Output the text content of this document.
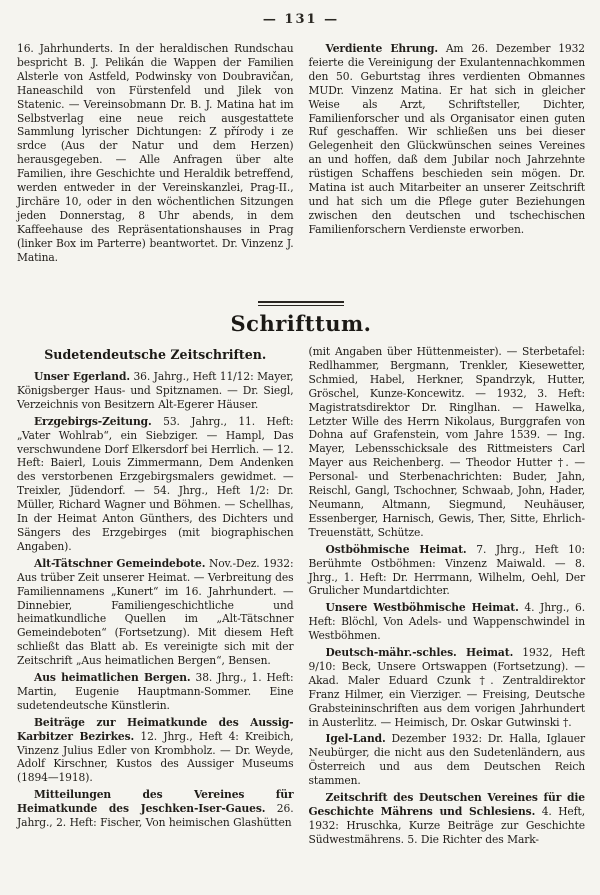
— 131 —

16. Jahrhunderts. In der heraldischen Rundschau bespricht B. J. Pelikán die Wappen der Familien Alsterle von Astfeld, Podwinsky von Doubravičan, Haneaschild von Fürstenfeld und Jilek von Statenic. — Vereinsobmann Dr. B. J. Matina hat im Selbstverlag eine neue reich ausgestattete Sammlung lyrischer Dichtungen: Z přírody i ze srdce (Aus der Natur und dem Herzen) herausgegeben. — Alle Anfragen über alte Familien, ihre Geschichte und Heraldik betreffend, werden entweder in der Vereinskanzlei, Prag-II., Jirchäre 10, oder in den wöchentlichen Sitzungen jeden Donnerstag, 8 Uhr abends, in dem Kaffeehause des Repräsentationshauses in Prag (linker Box im Parterre) beantwortet. Dr. Vinzenz J. Matina.

Verdiente Ehrung. Am 26. Dezember 1932 feierte die Vereinigung der Exulantennachkommen den 50. Geburtstag ihres verdienten Obmannes MUDr. Vinzenz Matina. Er hat sich in gleicher Weise als Arzt, Schriftsteller, Dichter, Familienforscher und als Organisator einen guten Ruf geschaffen. Wir schließen uns bei dieser Gelegenheit den Glückwünschen seines Vereines an und hoffen, daß dem Jubilar noch Jahrzehnte rüstigen Schaffens beschieden sein mögen. Dr. Matina ist auch Mitarbeiter an unserer Zeitschrift und hat sich um die Pflege guter Beziehungen zwischen den deutschen und tschechischen Familienforschern Verdienste erworben.

Schrifttum.
Sudetendeutsche Zeitschriften.

Unser Egerland. 36. Jahrg., Heft 11/12: Mayer, Königsberger Haus- und Spitznamen. — Dr. Siegl, Verzeichnis von Besitzern Alt-Egerer Häuser.

Erzgebirgs-Zeitung. 53. Jahrg., 11. Heft: „Vater Wohlrab“, ein Siebziger. — Hampl, Das verschwundene Dorf Elkersdorf bei Herrlich. — 12. Heft: Baierl, Louis Zimmermann, Dem Andenken des verstorbenen Erzgebirgsmalers gewidmet. — Treixler, Jüdendorf. — 54. Jhrg., Heft 1/2: Dr. Müller, Richard Wagner und Böhmen. — Schellhas, In der Heimat Anton Günthers, des Dichters und Sängers des Erzgebirges (mit biographischen Angaben).

Alt-Tätschner Gemeindebote. Nov.-Dez. 1932: Aus trüber Zeit unserer Heimat. — Verbreitung des Familiennamens „Kunert“ im 16. Jahrhundert. — Dinnebier, Familiengeschichtliche und heimatkundliche Quellen im „Alt-Tätschner Gemeindeboten“ (Fortsetzung). Mit diesem Heft schließt das Blatt ab. Es vereinigte sich mit der Zeitschrift „Aus heimatlichen Bergen“, Bensen.

Aus heimatlichen Bergen. 38. Jhrg., 1. Heft: Martin, Eugenie Hauptmann-Sommer. Eine sudetendeutsche Künstlerin.

Beiträge zur Heimatkunde des Aussig-Karbitzer Bezirkes. 12. Jhrg., Heft 4: Kreibich, Vinzenz Julius Edler von Krombholz. — Dr. Weyde, Adolf Kirschner, Kustos des Aussiger Museums (1894—1918).

Mitteilungen des Vereines für Heimatkunde des Jeschken-Iser-Gaues. 26. Jahrg., 2. Heft: Fischer, Von heimischen Glashütten

(mit Angaben über Hüttenmeister). — Sterbetafel: Redlhammer, Bergmann, Trenkler, Kiesewetter, Schmied, Habel, Herkner, Spandrzyk, Hutter, Gröschel, Kunze-Koncewitz. — 1932, 3. Heft: Magistratsdirektor Dr. Ringlhan. — Hawelka, Letzter Wille des Herrn Nikolaus, Burggrafen von Dohna auf Grafenstein, vom Jahre 1539. — Ing. Mayer, Lebensschicksale des Rittmeisters Carl Mayer aus Reichenberg. — Theodor Hutter †. — Personal- und Sterbenachrichten: Buder, Jahn, Reischl, Gangl, Tschochner, Schwaab, John, Hader, Neumann, Altmann, Siegmund, Neuhäuser, Essenberger, Harnisch, Gewis, Ther, Sitte, Ehrlich-Treuenstätt, Schütze.

Ostböhmische Heimat. 7. Jhrg., Heft 10: Berühmte Ostböhmen: Vinzenz Maiwald. — 8. Jhrg., 1. Heft: Dr. Herrmann, Wilhelm, Oehl, Der Grulicher Mundartdichter.

Unsere Westböhmische Heimat. 4. Jhrg., 6. Heft: Blöchl, Von Adels- und Wappenschwindel in Westböhmen.

Deutsch-mähr.-schles. Heimat. 1932, Heft 9/10: Beck, Unsere Ortswappen (Fortsetzung). — Akad. Maler Eduard Czunk †. Zentraldirektor Franz Hilmer, ein Vierziger. — Freising, Deutsche Grabsteininschriften aus dem vorigen Jahrhundert in Austerlitz. — Heimisch, Dr. Oskar Gutwinski †.

Igel-Land. Dezember 1932: Dr. Halla, Iglauer Neubürger, die nicht aus den Sudetenländern, aus Österreich und aus dem Deutschen Reich stammen.

Zeitschrift des Deutschen Vereines für die Geschichte Mährens und Schlesiens. 4. Heft, 1932: Hruschka, Kurze Beiträge zur Geschichte Südwestmährens. 5. Die Richter des Mark-
